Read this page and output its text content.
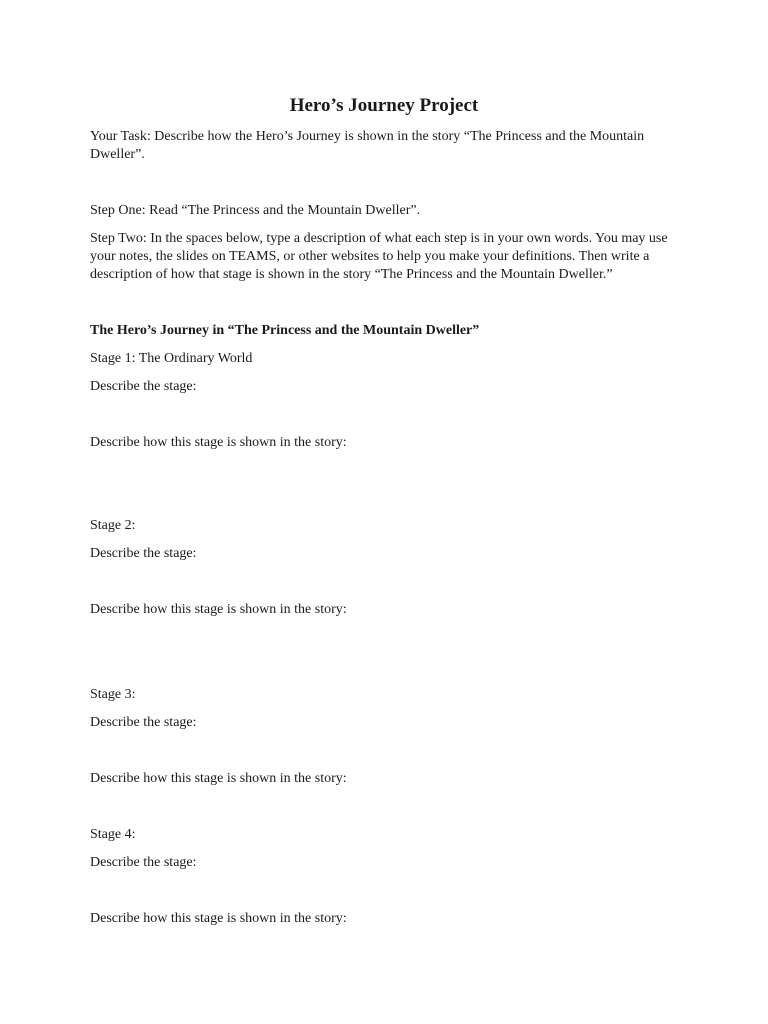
Hero’s Journey Project

Your Task: Describe how the Hero’s Journey is shown in the story “The Princess and the Mountain

Dweller”.

Step One: Read “The Princess and the Mountain Dweller”.

Step Two: In the spaces below, type a description of what each step is in your own words. You may use

your notes, the slides on TEAMS, or other websites to help you make your definitions. Then write a

description of how that stage is shown in the story “The Princess and the Mountain Dweller.”

The Hero’s Journey in “The Princess and the Mountain Dweller”

Stage 1: The Ordinary World

Describe the stage:

Describe how this stage is shown in the story:

Stage 2:

Describe the stage:

Describe how this stage is shown in the story:

Stage 3:

Describe the stage:

Describe how this stage is shown in the story:

Stage 4:

Describe the stage:

Describe how this stage is shown in the story:
